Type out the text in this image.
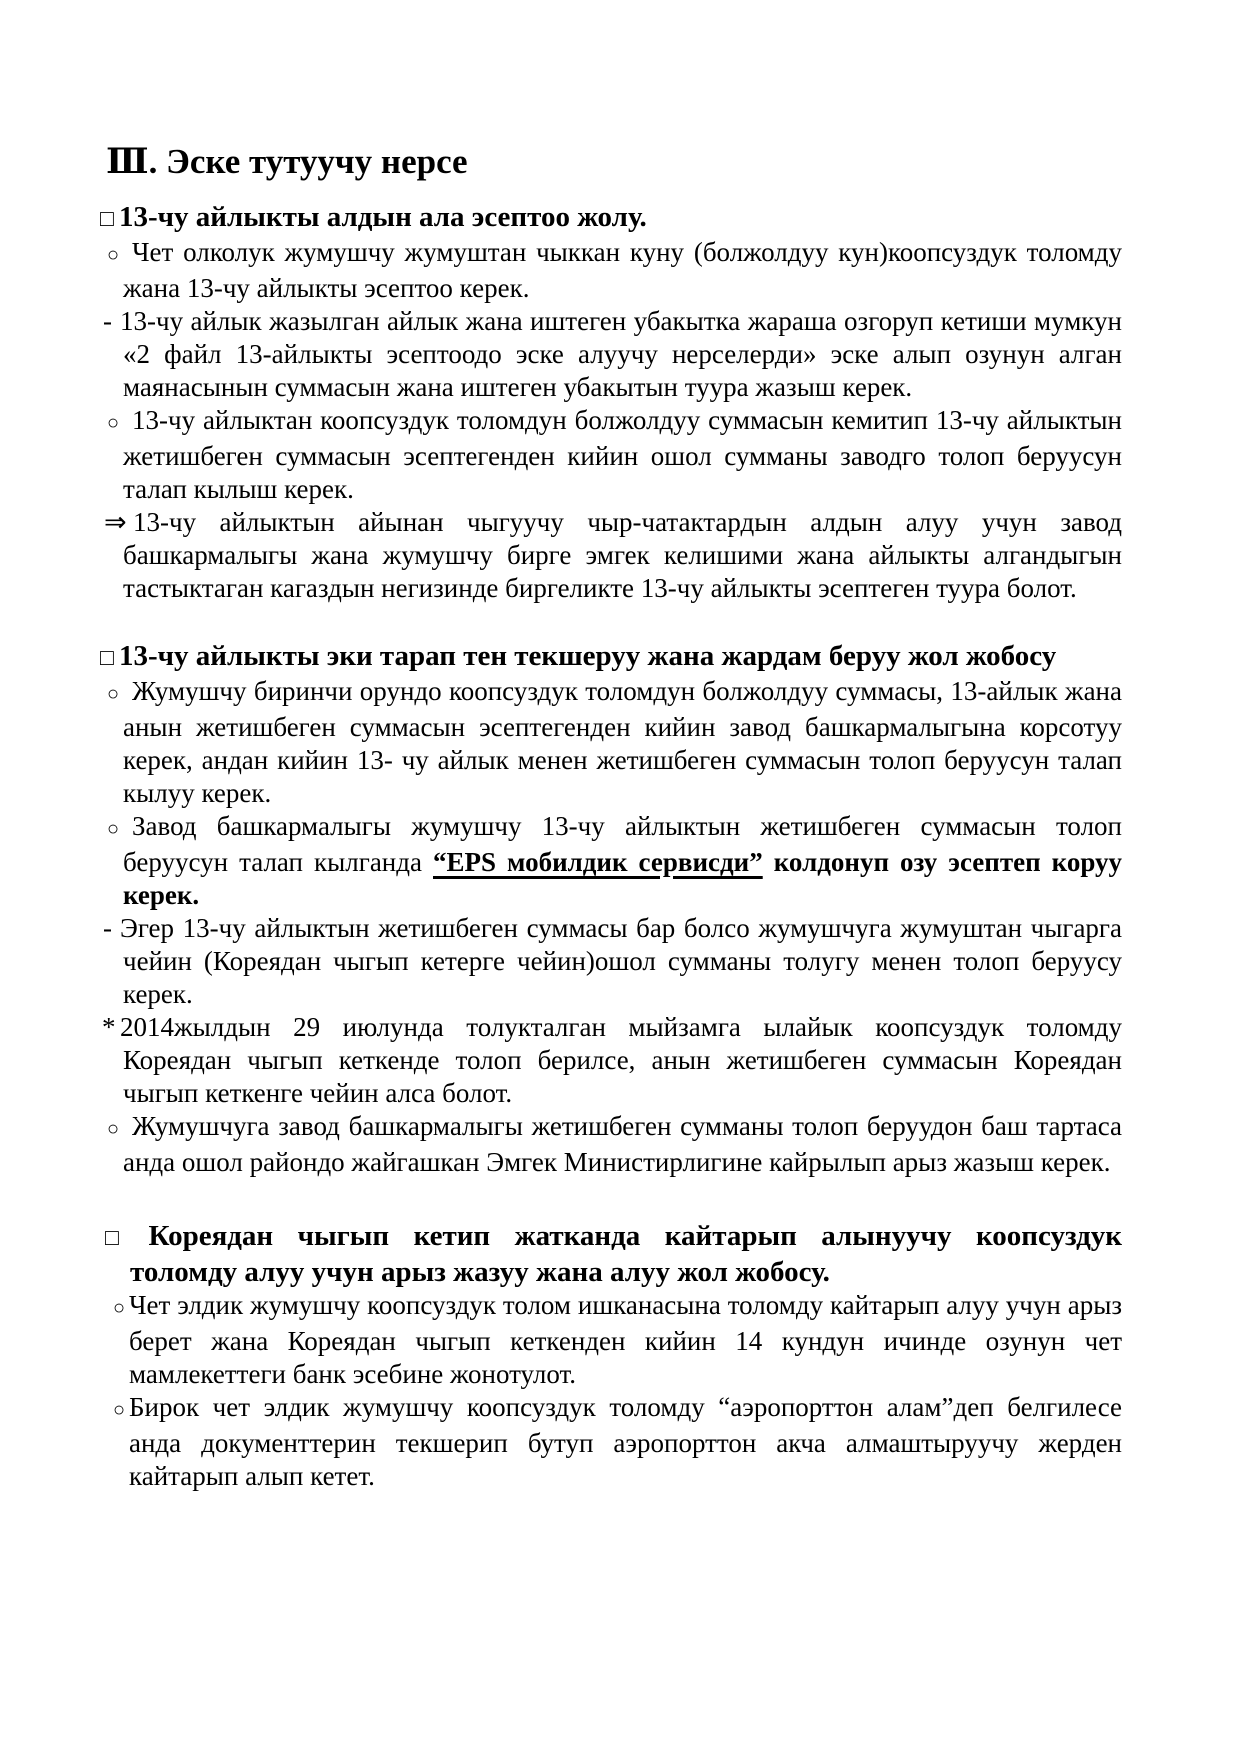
Ⅲ. Эске тутуучу нерсе
□ 13-чу айлыкты алдын ала эсептоо жолу.

○ Чет олколук жумушчу жумуштан чыккан куну (болжолдуу кун)коопсуздук толомду жана 13-чу айлыкты эсептоо керек.

- 13-чу айлык жазылган айлык жана иштеген убакытка жараша озгоруп кетиши мумкун «2 файл 13-айлыкты эсептоодо эске алуучу нерселерди» эске алып озунун алган маянасынын суммасын жана иштеген убакытын туура жазыш керек.

○ 13-чу айлыктан коопсуздук толомдун болжолдуу суммасын кемитип 13-чу айлыктын жетишбеген суммасын эсептегенден кийин ошол сумманы заводго толоп беруусун талап кылыш керек.

⇒ 13-чу айлыктын айынан чыгуучу чыр-чатактардын алдын алуу учун завод башкармалыгы жана жумушчу бирге эмгек келишими жана айлыкты алгандыгын тастыктаган кагаздын негизинде биргеликте 13-чу айлыкты эсептеген туура болот.

□ 13-чу айлыкты эки тарап тен текшеруу жана жардам беруу жол жобосу

○ Жумушчу биринчи орундо коопсуздук толомдун болжолдуу суммасы, 13-айлык жана анын жетишбеген суммасын эсептегенден кийин завод башкармалыгына корсотуу керек, андан кийин 13- чу айлык менен жетишбеген суммасын толоп беруусун талап кылуу керек.

○ Завод башкармалыгы жумушчу 13-чу айлыктын жетишбеген суммасын толоп беруусун талап кылганда “EPS мобилдик сервисди” колдонуп озу эсептеп коруу керек.

- Эгер 13-чу айлыктын жетишбеген суммасы бар болсо жумушчуга жумуштан чыгарга чейин (Кореядан чыгып кетерге чейин)ошол сумманы толугу менен толоп беруусу керек.

* 2014жылдын 29 июлунда толукталган мыйзамга ылайык коопсуздук толомду Кореядан чыгып кеткенде толоп берилсе, анын жетишбеген суммасын Кореядан чыгып кеткенге чейин алса болот.

○ Жумушчуга завод башкармалыгы жетишбеген сумманы толоп беруудон баш тартаса анда ошол райондо жайгашкан Эмгек Министирлигине кайрылып арыз жазыш керек.

□ Кореядан чыгып кетип жатканда кайтарып алынуучу коопсуздук
толомду алуу учун арыз жазуу жана алуу жол жобосу.

○ Чет элдик жумушчу коопсуздук толом ишканасына толомду кайтарып алуу учун арыз берет жана Кореядан чыгып кеткенден кийин 14 кундун ичинде озунун чет мамлекеттеги банк эсебине жонотулот.

○ Бирок чет элдик жумушчу коопсуздук толомду “аэропорттон алам”деп белгилесе анда документтерин текшерип бутуп аэропорттон акча алмаштыруучу жерден кайтарып алып кетет.
